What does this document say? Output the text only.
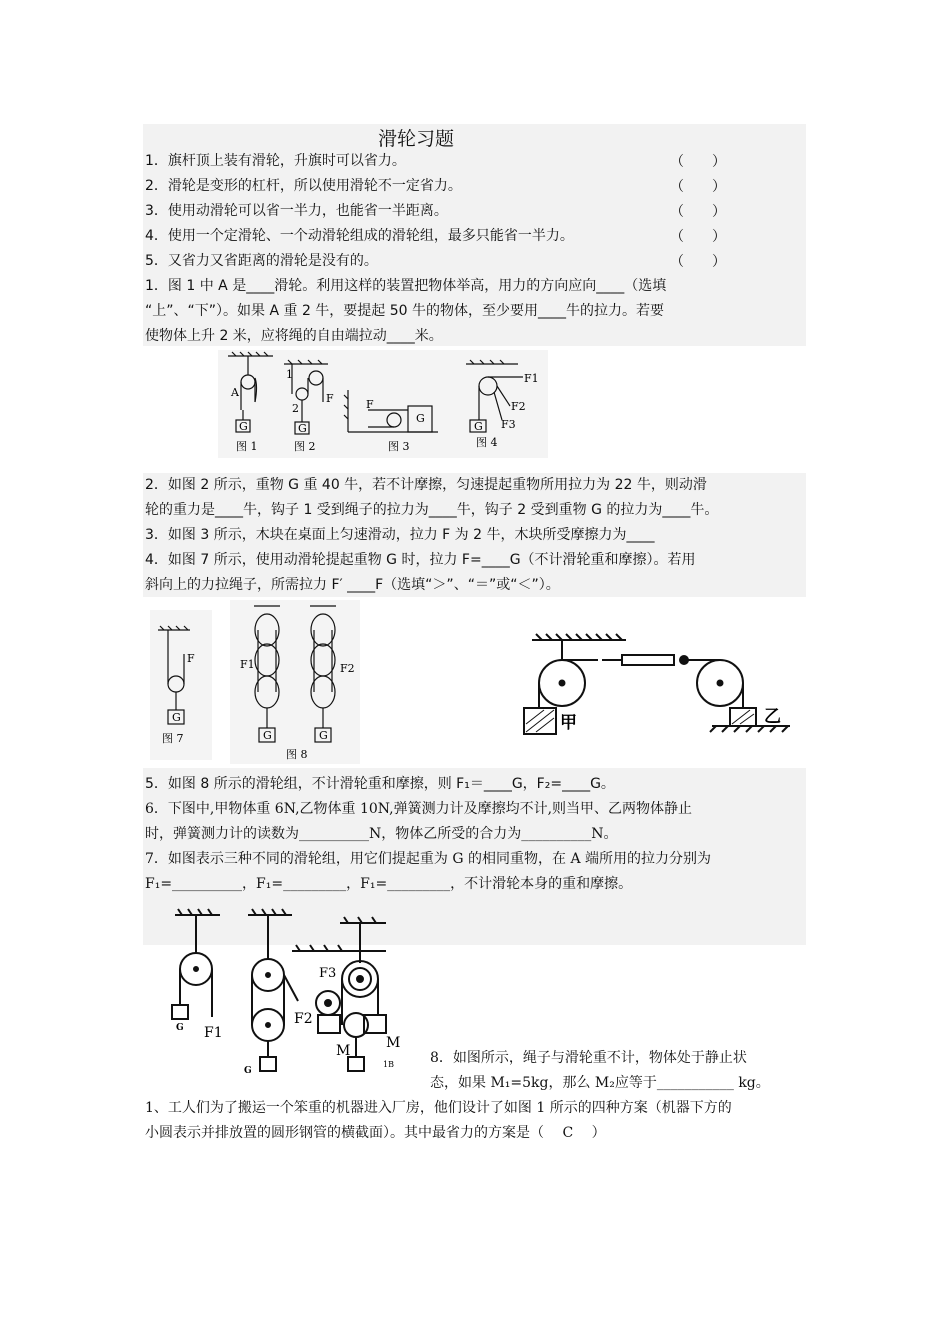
滑轮习题
1．旗杆顶上装有滑轮，升旗时可以省力。	（　　）
2．滑轮是变形的杠杆，所以使用滑轮不一定省力。	（　　）
3．使用动滑轮可以省一半力，也能省一半距离。	（　　）
4．使用一个定滑轮、一个动滑轮组成的滑轮组，最多只能省一半力。	（　　）
5．又省力又省距离的滑轮是没有的。	（　　）
1．图 1 中 A 是____滑轮。利用这样的装置把物体举高，用力的方向应向____（选填
“上”、“下”）。如果 A 重 2 牛，要提起 50 牛的物体，至少要用____牛的拉力。若要
使物体上升 2 米，应将绳的自由端拉动____米。
A
G
图 1
1
2
F
G
图 2
F
G
图 3
F1
F2
F3
G
图 4
2．如图 2 所示，重物 G 重 40 牛，若不计摩擦，匀速提起重物所用拉力为 22 牛，则动滑
轮的重力是____牛，钩子 1 受到绳子的拉力为____牛，钩子 2 受到重物 G 的拉力为____牛。
3．如图 3 所示，木块在桌面上匀速滑动，拉力 F 为 2 牛，木块所受摩擦力为____
4．如图 7 所示，使用动滑轮提起重物 G 时，拉力 F=____G（不计滑轮重和摩擦）。若用
斜向上的力拉绳子，所需拉力 F′ ____F（选填“＞”、“＝”或“＜”）。
F
G
图 7
F1	F2
G	G
图 8
甲	乙
5．如图 8 所示的滑轮组，不计滑轮重和摩擦，则 F₁＝____G，F₂=____G。
6．下图中,甲物体重 6N,乙物体重 10N,弹簧测力计及摩擦均不计,则当甲、乙两物体静止
时，弹簧测力计的读数为__________N，物体乙所受的合力为__________N。
7．如图表示三种不同的滑轮组，用它们提起重为 G 的相同重物，在 A 端所用的拉力分别为
F₁=__________，F₁=_________，F₁=_________，不计滑轮本身的重和摩擦。
G F1
G
F2
F3
M
M
1B	8．如图所示，绳子与滑轮重不计，物体处于静止状
态，如果 M₁=5kg，那么 M₂应等于___________ kg。
1、工人们为了搬运一个笨重的机器进入厂房，他们设计了如图 1 所示的四种方案（机器下方的
小圆表示并排放置的圆形钢管的横截面）。其中最省力的方案是（　 C　 ）
